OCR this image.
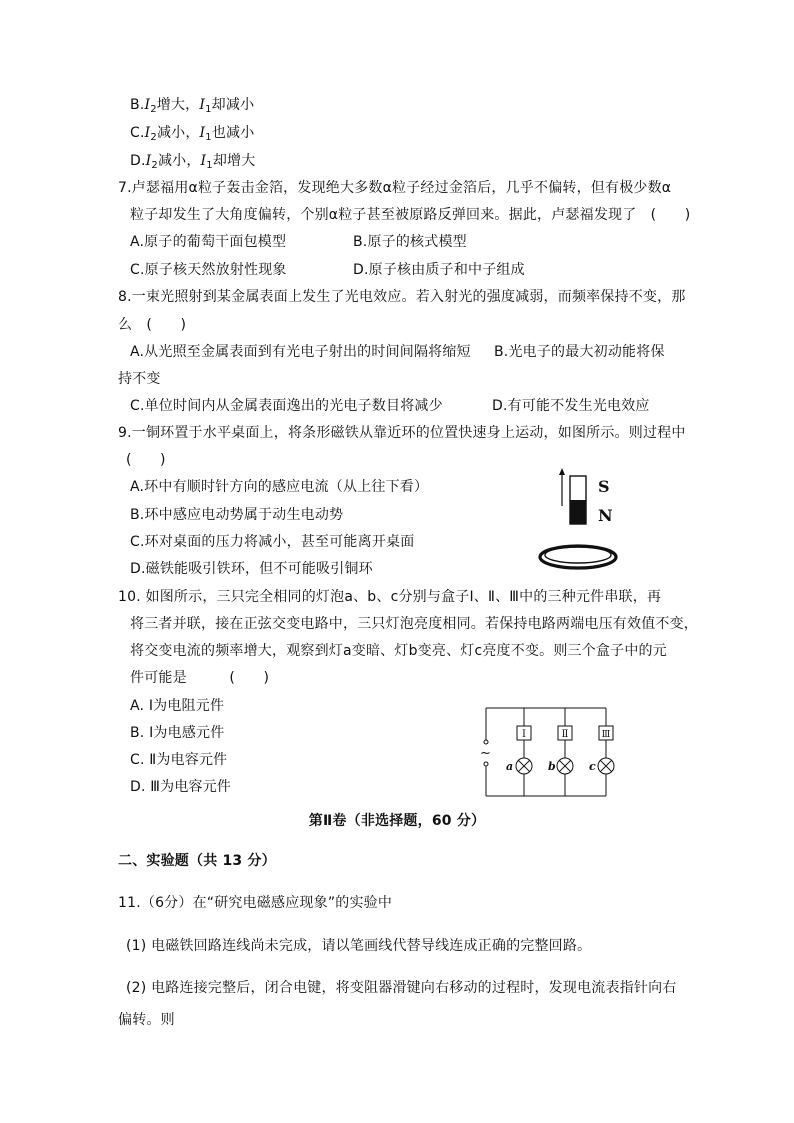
$B.I_2$增大，$I_1$却减小
$C.I_2$减小，$I_1$也减小
$D.I_2$减小，$I_1$却增大
7.卢瑟福用α粒子轰击金箔，发现绝大多数α粒子经过金箔后，几乎不偏转，但有极少数α
粒子却发生了大角度偏转，个别α粒子甚至被原路反弹回来。据此，卢瑟福发现了　(　　)
A.原子的葡萄干面包模型	B.原子的核式模型
C.原子核天然放射性现象	D.原子核由质子和中子组成
8.一束光照射到某金属表面上发生了光电效应。若入射光的强度减弱，而频率保持不变，那
么　(　　)
A.从光照至金属表面到有光电子射出的时间间隔将缩短 B.光电子的最大初动能将保
持不变
C.单位时间内从金属表面逸出的光电子数目将减少	D.有可能不发生光电效应
9.一铜环置于水平桌面上，将条形磁铁从靠近环的位置快速身上运动，如图所示。则过程中
(　　)
A.环中有顺时针方向的感应电流（从上往下看）
B.环中感应电动势属于动生电动势
C.环对桌面的压力将减小，甚至可能离开桌面
D.磁铁能吸引铁环，但不可能吸引铜环
S
N
10. 如图所示，三只完全相同的灯泡a、b、c分别与盒子Ⅰ、Ⅱ、Ⅲ中的三种元件串联，再
将三者并联，接在正弦交变电路中，三只灯泡亮度相同。若保持电路两端电压有效值不变，
将交变电流的频率增大，观察到灯a变暗、灯b变亮、灯c亮度不变。则三个盒子中的元
件可能是　　　(　　)
A. Ⅰ为电阻元件
B. Ⅰ为电感元件
C. Ⅱ为电容元件
D. Ⅲ为电容元件
~
Ⅰ	Ⅱ	Ⅲ
a	b	c
第Ⅱ卷（非选择题，60 分）
二、实验题（共 13 分）
11.（6分）在“研究电磁感应现象”的实验中
(1) 电磁铁回路连线尚未完成，请以笔画线代替导线连成正确的完整回路。
(2) 电路连接完整后，闭合电键，将变阻器滑键向右移动的过程时，发现电流表指针向右
偏转。则
